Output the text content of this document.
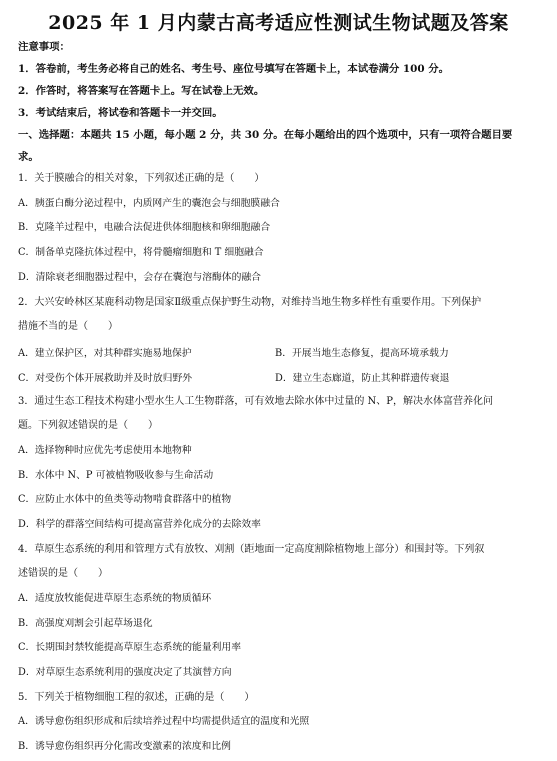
2025 年 1 月内蒙古高考适应性测试生物试题及答案
注意事项：
1．答卷前，考生务必将自己的姓名、考生号、座位号填写在答题卡上，本试卷满分 100 分。
2．作答时，将答案写在答题卡上。写在试卷上无效。
3．考试结束后，将试卷和答题卡一并交回。
一、选择题：本题共 15 小题，每小题 2 分，共 30 分。在每小题给出的四个选项中，只有一项符合题目要
求。
1．关于膜融合的相关对象，下列叙述正确的是（　　）
A．胰蛋白酶分泌过程中，内质网产生的囊泡会与细胞膜融合
B．克隆羊过程中，电融合法促进供体细胞核和卵细胞融合
C．制备单克隆抗体过程中，将骨髓瘤细胞和 T 细胞融合
D．清除衰老细胞器过程中，会存在囊泡与溶酶体的融合
2．大兴安岭林区某鹿科动物是国家Ⅱ级重点保护野生动物，对维持当地生物多样性有重要作用。下列保护
措施不当的是（　　）
A．建立保护区，对其种群实施易地保护	B．开展当地生态修复，提高环境承载力
C．对受伤个体开展救助并及时放归野外	D．建立生态廊道，防止其种群遗传衰退
3．通过生态工程技术构建小型水生人工生物群落，可有效地去除水体中过量的 N、P，解决水体富营养化问
题。下列叙述错误的是（　　）
A．选择物种时应优先考虑使用本地物种
B．水体中 N、P 可被植物吸收参与生命活动
C．应防止水体中的鱼类等动物啃食群落中的植物
D．科学的群落空间结构可提高富营养化成分的去除效率
4．草原生态系统的利用和管理方式有放牧、刈割（距地面一定高度割除植物地上部分）和围封等。下列叙
述错误的是（　　）
A．适度放牧能促进草原生态系统的物质循环
B．高强度刈割会引起草场退化
C．长期围封禁牧能提高草原生态系统的能量利用率
D．对草原生态系统利用的强度决定了其演替方向
5．下列关于植物细胞工程的叙述，正确的是（　　）
A．诱导愈伤组织形成和后续培养过程中均需提供适宜的温度和光照
B．诱导愈伤组织再分化需改变激素的浓度和比例
